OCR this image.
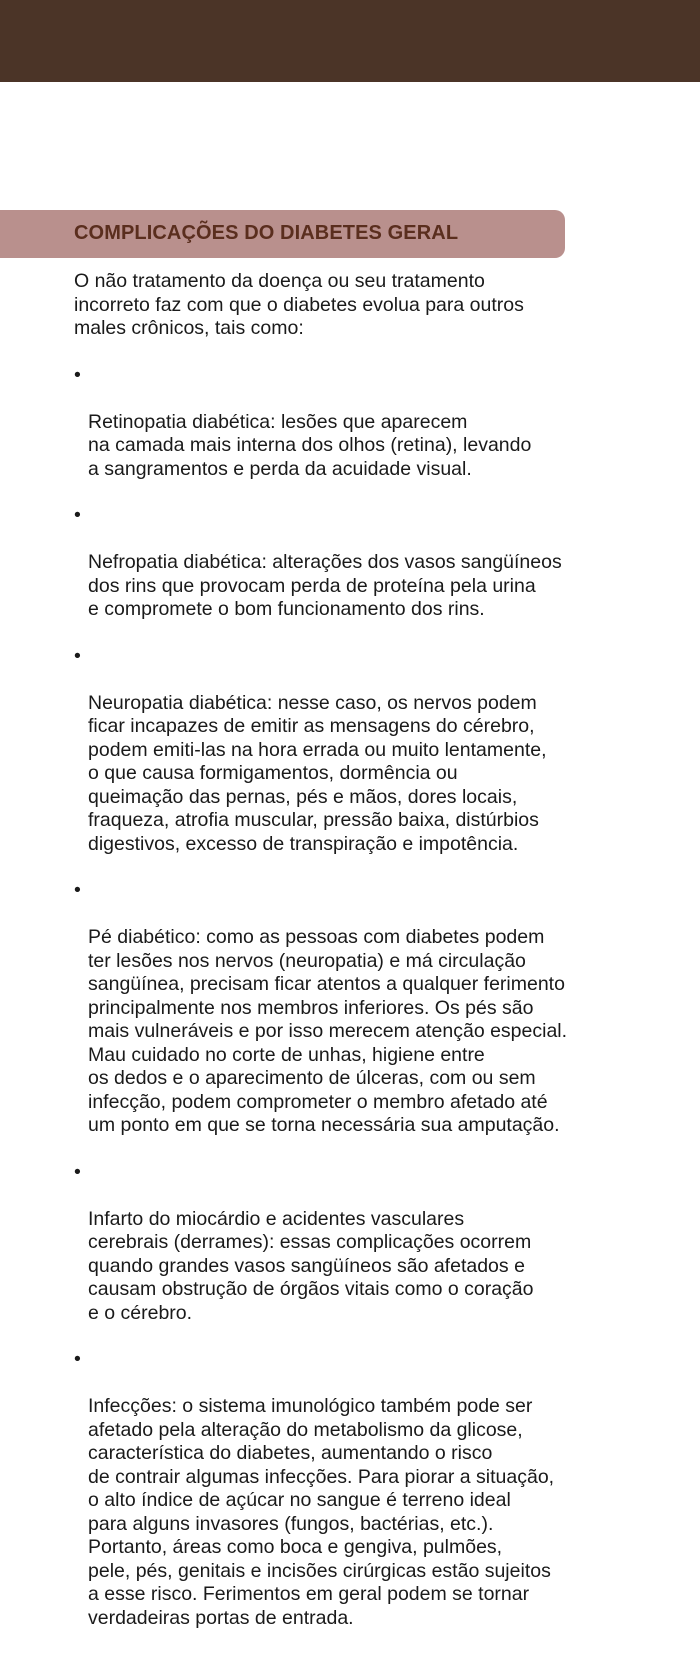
COMPLICAÇÕES DO DIABETES GERAL

O não tratamento da doença ou seu tratamento
incorreto faz com que o diabetes evolua para outros
males crônicos, tais como:

•

Retinopatia diabética: lesões que aparecem
na camada mais interna dos olhos (retina), levando
a sangramentos e perda da acuidade visual.

•

Nefropatia diabética: alterações dos vasos sangüíneos
dos rins que provocam perda de proteína pela urina
e compromete o bom funcionamento dos rins.

•

Neuropatia diabética: nesse caso, os nervos podem
ficar incapazes de emitir as mensagens do cérebro,
podem emiti-las na hora errada ou muito lentamente,
o que causa formigamentos, dormência ou
queimação das pernas, pés e mãos, dores locais,
fraqueza, atrofia muscular, pressão baixa, distúrbios
digestivos, excesso de transpiração e impotência.

•

Pé diabético: como as pessoas com diabetes podem
ter lesões nos nervos (neuropatia) e má circulação
sangüínea, precisam ficar atentos a qualquer ferimento
principalmente nos membros inferiores. Os pés são
mais vulneráveis e por isso merecem atenção especial.
Mau cuidado no corte de unhas, higiene entre
os dedos e o aparecimento de úlceras, com ou sem
infecção, podem comprometer o membro afetado até
um ponto em que se torna necessária sua amputação.

•

Infarto do miocárdio e acidentes vasculares
cerebrais (derrames): essas complicações ocorrem
quando grandes vasos sangüíneos são afetados e
causam obstrução de órgãos vitais como o coração
e o cérebro.

•

Infecções: o sistema imunológico também pode ser
afetado pela alteração do metabolismo da glicose,
característica do diabetes, aumentando o risco
de contrair algumas infecções. Para piorar a situação,
o alto índice de açúcar no sangue é terreno ideal
para alguns invasores (fungos, bactérias, etc.).
Portanto, áreas como boca e gengiva, pulmões,
pele, pés, genitais e incisões cirúrgicas estão sujeitos
a esse risco. Ferimentos em geral podem se tornar
verdadeiras portas de entrada.
